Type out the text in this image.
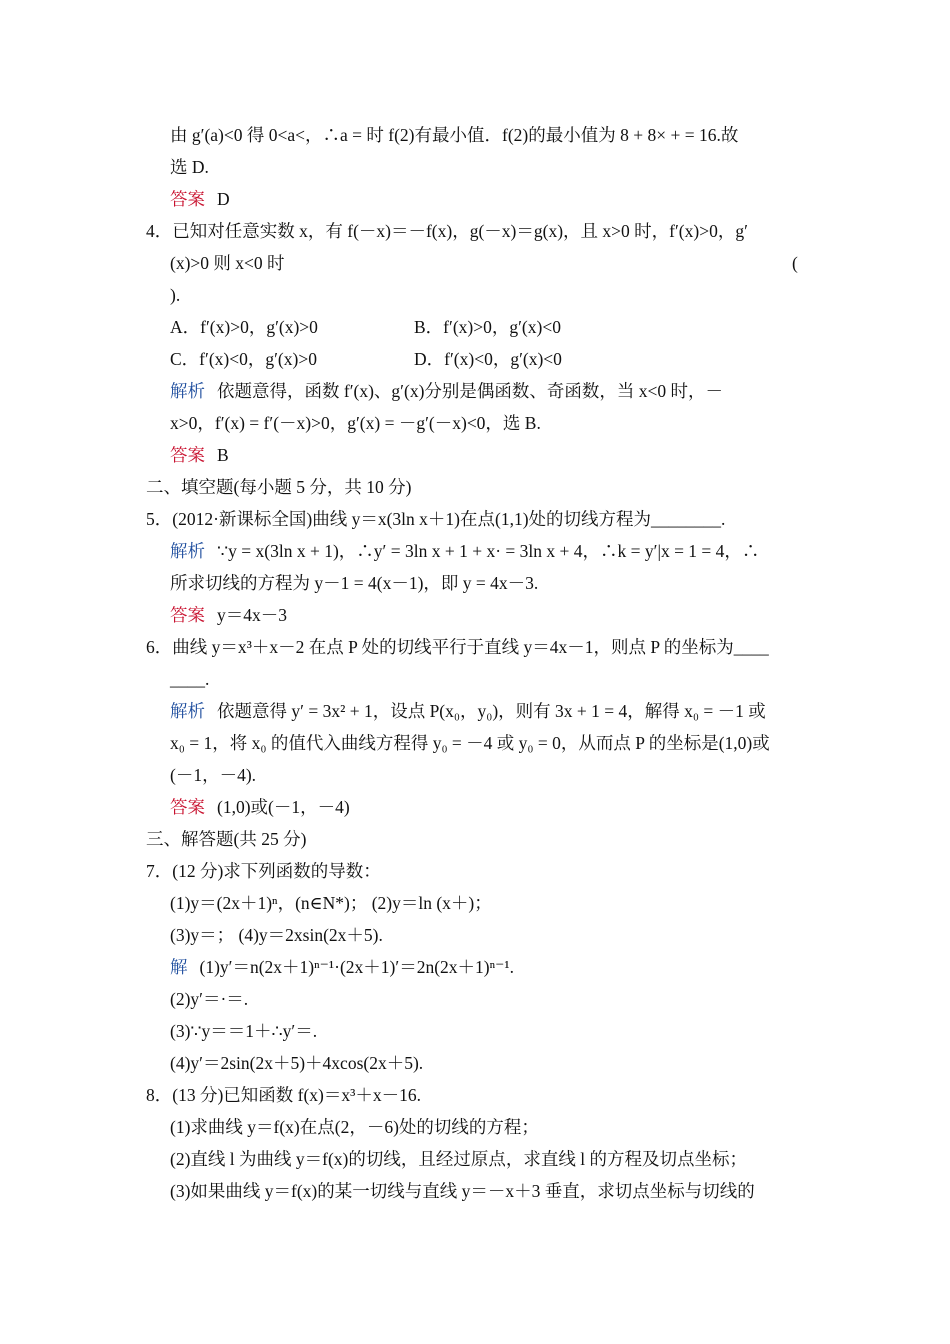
由 g′(a)<0 得 0<a<，∴a = 时 f(2)有最小值．f(2)的最小值为 8 + 8× + = 16.故
选 D.
答案 D
4．已知对任意实数 x，有 f(－x)＝－f(x)，g(－x)＝g(x)，且 x>0 时，f′(x)>0，g′
(x)>0 则 x<0 时	(
).
A．f′(x)>0，g′(x)>0	B．f′(x)>0，g′(x)<0
C．f′(x)<0，g′(x)>0	D．f′(x)<0，g′(x)<0
解析 依题意得，函数 f′(x)、g′(x)分别是偶函数、奇函数，当 x<0 时，－
x>0，f′(x) = f′(－x)>0，g′(x) = －g′(－x)<0，选 B.
答案 B
二、填空题(每小题 5 分，共 10 分)
5．(2012·新课标全国)曲线 y＝x(3ln x＋1)在点(1,1)处的切线方程为________.
解析 ∵y = x(3ln x + 1)，∴y′ = 3ln x + 1 + x· = 3ln x + 4，∴k = y′|x = 1 = 4，∴
所求切线的方程为 y－1 = 4(x－1)，即 y = 4x－3.
答案 y＝4x－3
6．曲线 y＝x³＋x－2 在点 P 处的切线平行于直线 y＝4x－1，则点 P 的坐标为____
____.
解析 依题意得 y′ = 3x² + 1，设点 P(x₀，y₀)，则有 3x + 1 = 4，解得 x₀ = －1 或
x₀ = 1，将 x₀ 的值代入曲线方程得 y₀ = －4 或 y₀ = 0，从而点 P 的坐标是(1,0)或
(－1，－4).
答案 (1,0)或(－1，－4)
三、解答题(共 25 分)
7．(12 分)求下列函数的导数：
(1)y＝(2x＋1)ⁿ，(n∈N*)； (2)y＝ln (x＋)；
(3)y＝； (4)y＝2xsin(2x＋5).
解 (1)y′＝n(2x＋1)ⁿ⁻¹·(2x＋1)′＝2n(2x＋1)ⁿ⁻¹.
(2)y′＝·＝.
(3)∵y＝＝1＋∴y′＝.
(4)y′＝2sin(2x＋5)＋4xcos(2x＋5).
8．(13 分)已知函数 f(x)＝x³＋x－16.
(1)求曲线 y＝f(x)在点(2，－6)处的切线的方程；
(2)直线 l 为曲线 y＝f(x)的切线，且经过原点，求直线 l 的方程及切点坐标；
(3)如果曲线 y＝f(x)的某一切线与直线 y＝－x＋3 垂直，求切点坐标与切线的
